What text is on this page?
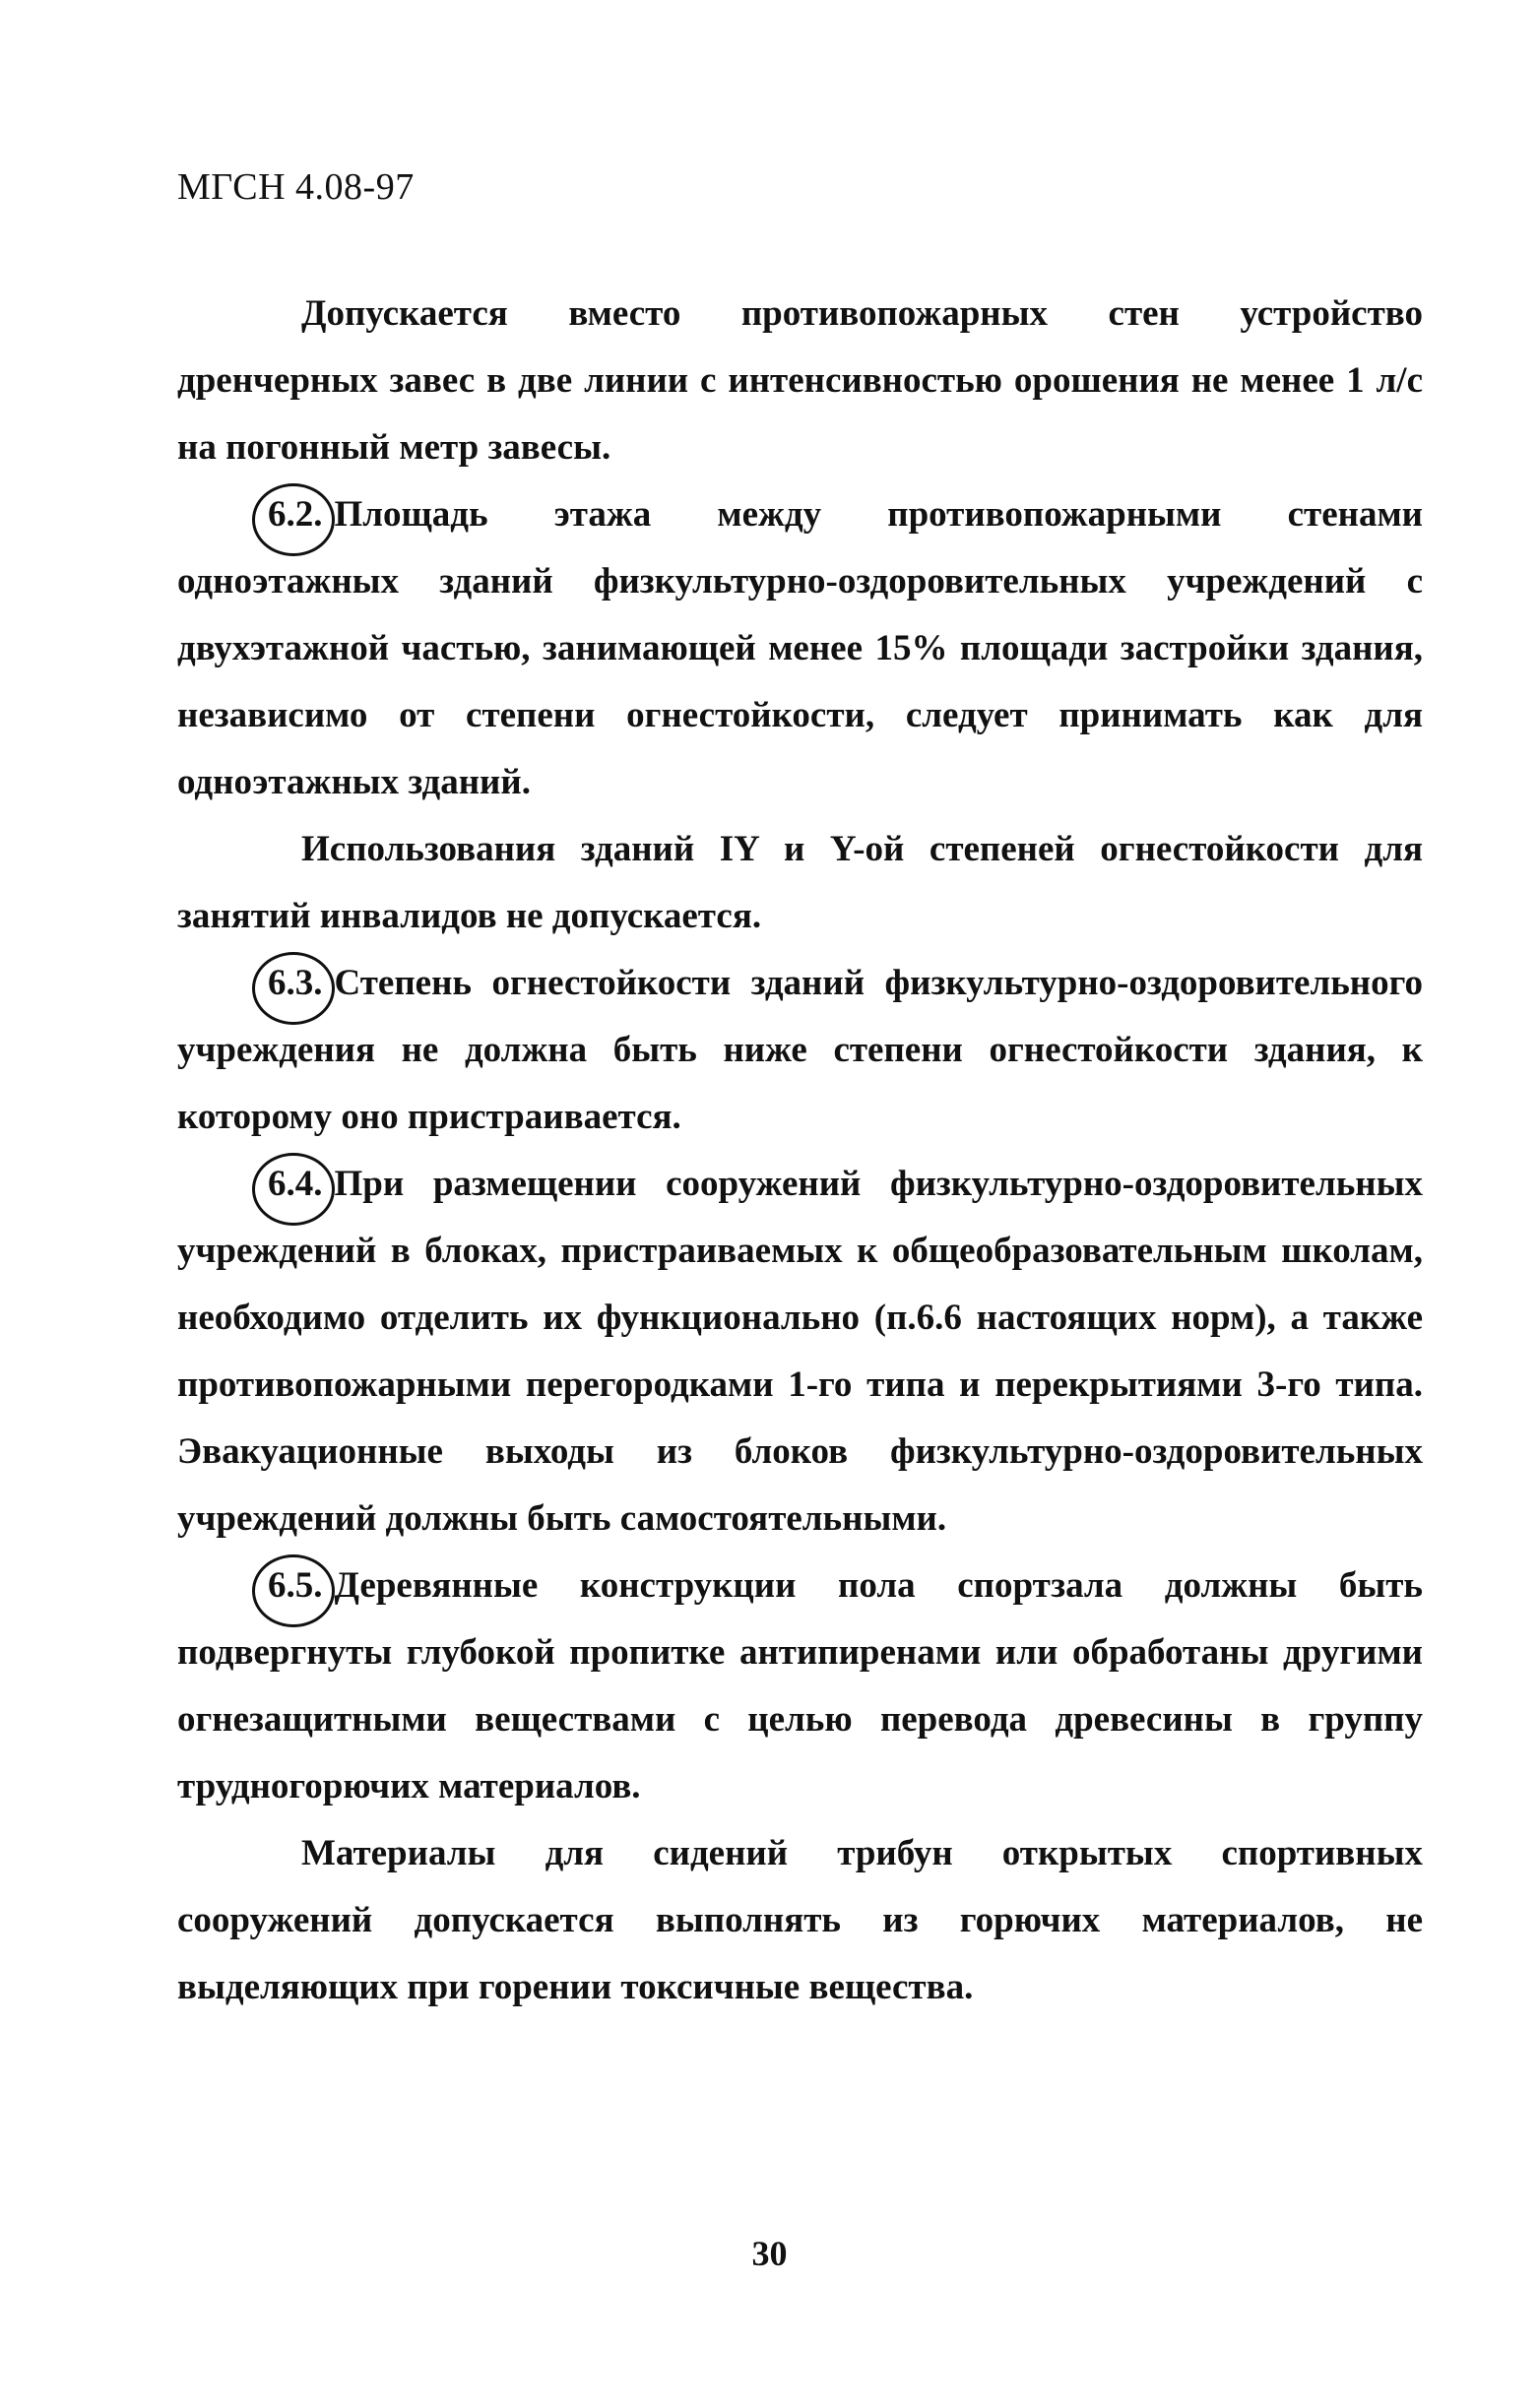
МГСН 4.08-97

Допускается вместо противопожарных стен устройство дренчерных завес в две линии с интенсивностью орошения не менее 1 л/с на погонный метр завесы.

6.2. Площадь этажа между противопожарными стенами одноэтажных зданий физкультурно-оздоровительных учреждений с двухэтажной частью, занимающей менее 15% площади застройки здания, независимо от степени огнестойкости, следует принимать как для одноэтажных зданий.

Использования зданий IY и Y-ой степеней огнестойкости для занятий инвалидов не допускается.

6.3. Степень огнестойкости зданий физкультурно-оздоровительного учреждения не должна быть ниже степени огнестойкости здания, к которому оно пристраивается.

6.4. При размещении сооружений физкультурно-оздоровительных учреждений в блоках, пристраиваемых к общеобразовательным школам, необходимо отделить их функционально (п.6.6 настоящих норм), а также противопожарными перегородками 1-го типа и перекрытиями 3-го типа. Эвакуационные выходы из блоков физкультурно-оздоровительных учреждений должны быть самостоятельными.

6.5. Деревянные конструкции пола спортзала должны быть подвергнуты глубокой пропитке антипиренами или обработаны другими огнезащитными веществами с целью перевода древесины в группу трудногорючих материалов.

Материалы для сидений трибун открытых спортивных сооружений допускается выполнять из горючих материалов, не выделяющих при горении токсичные вещества.

30
